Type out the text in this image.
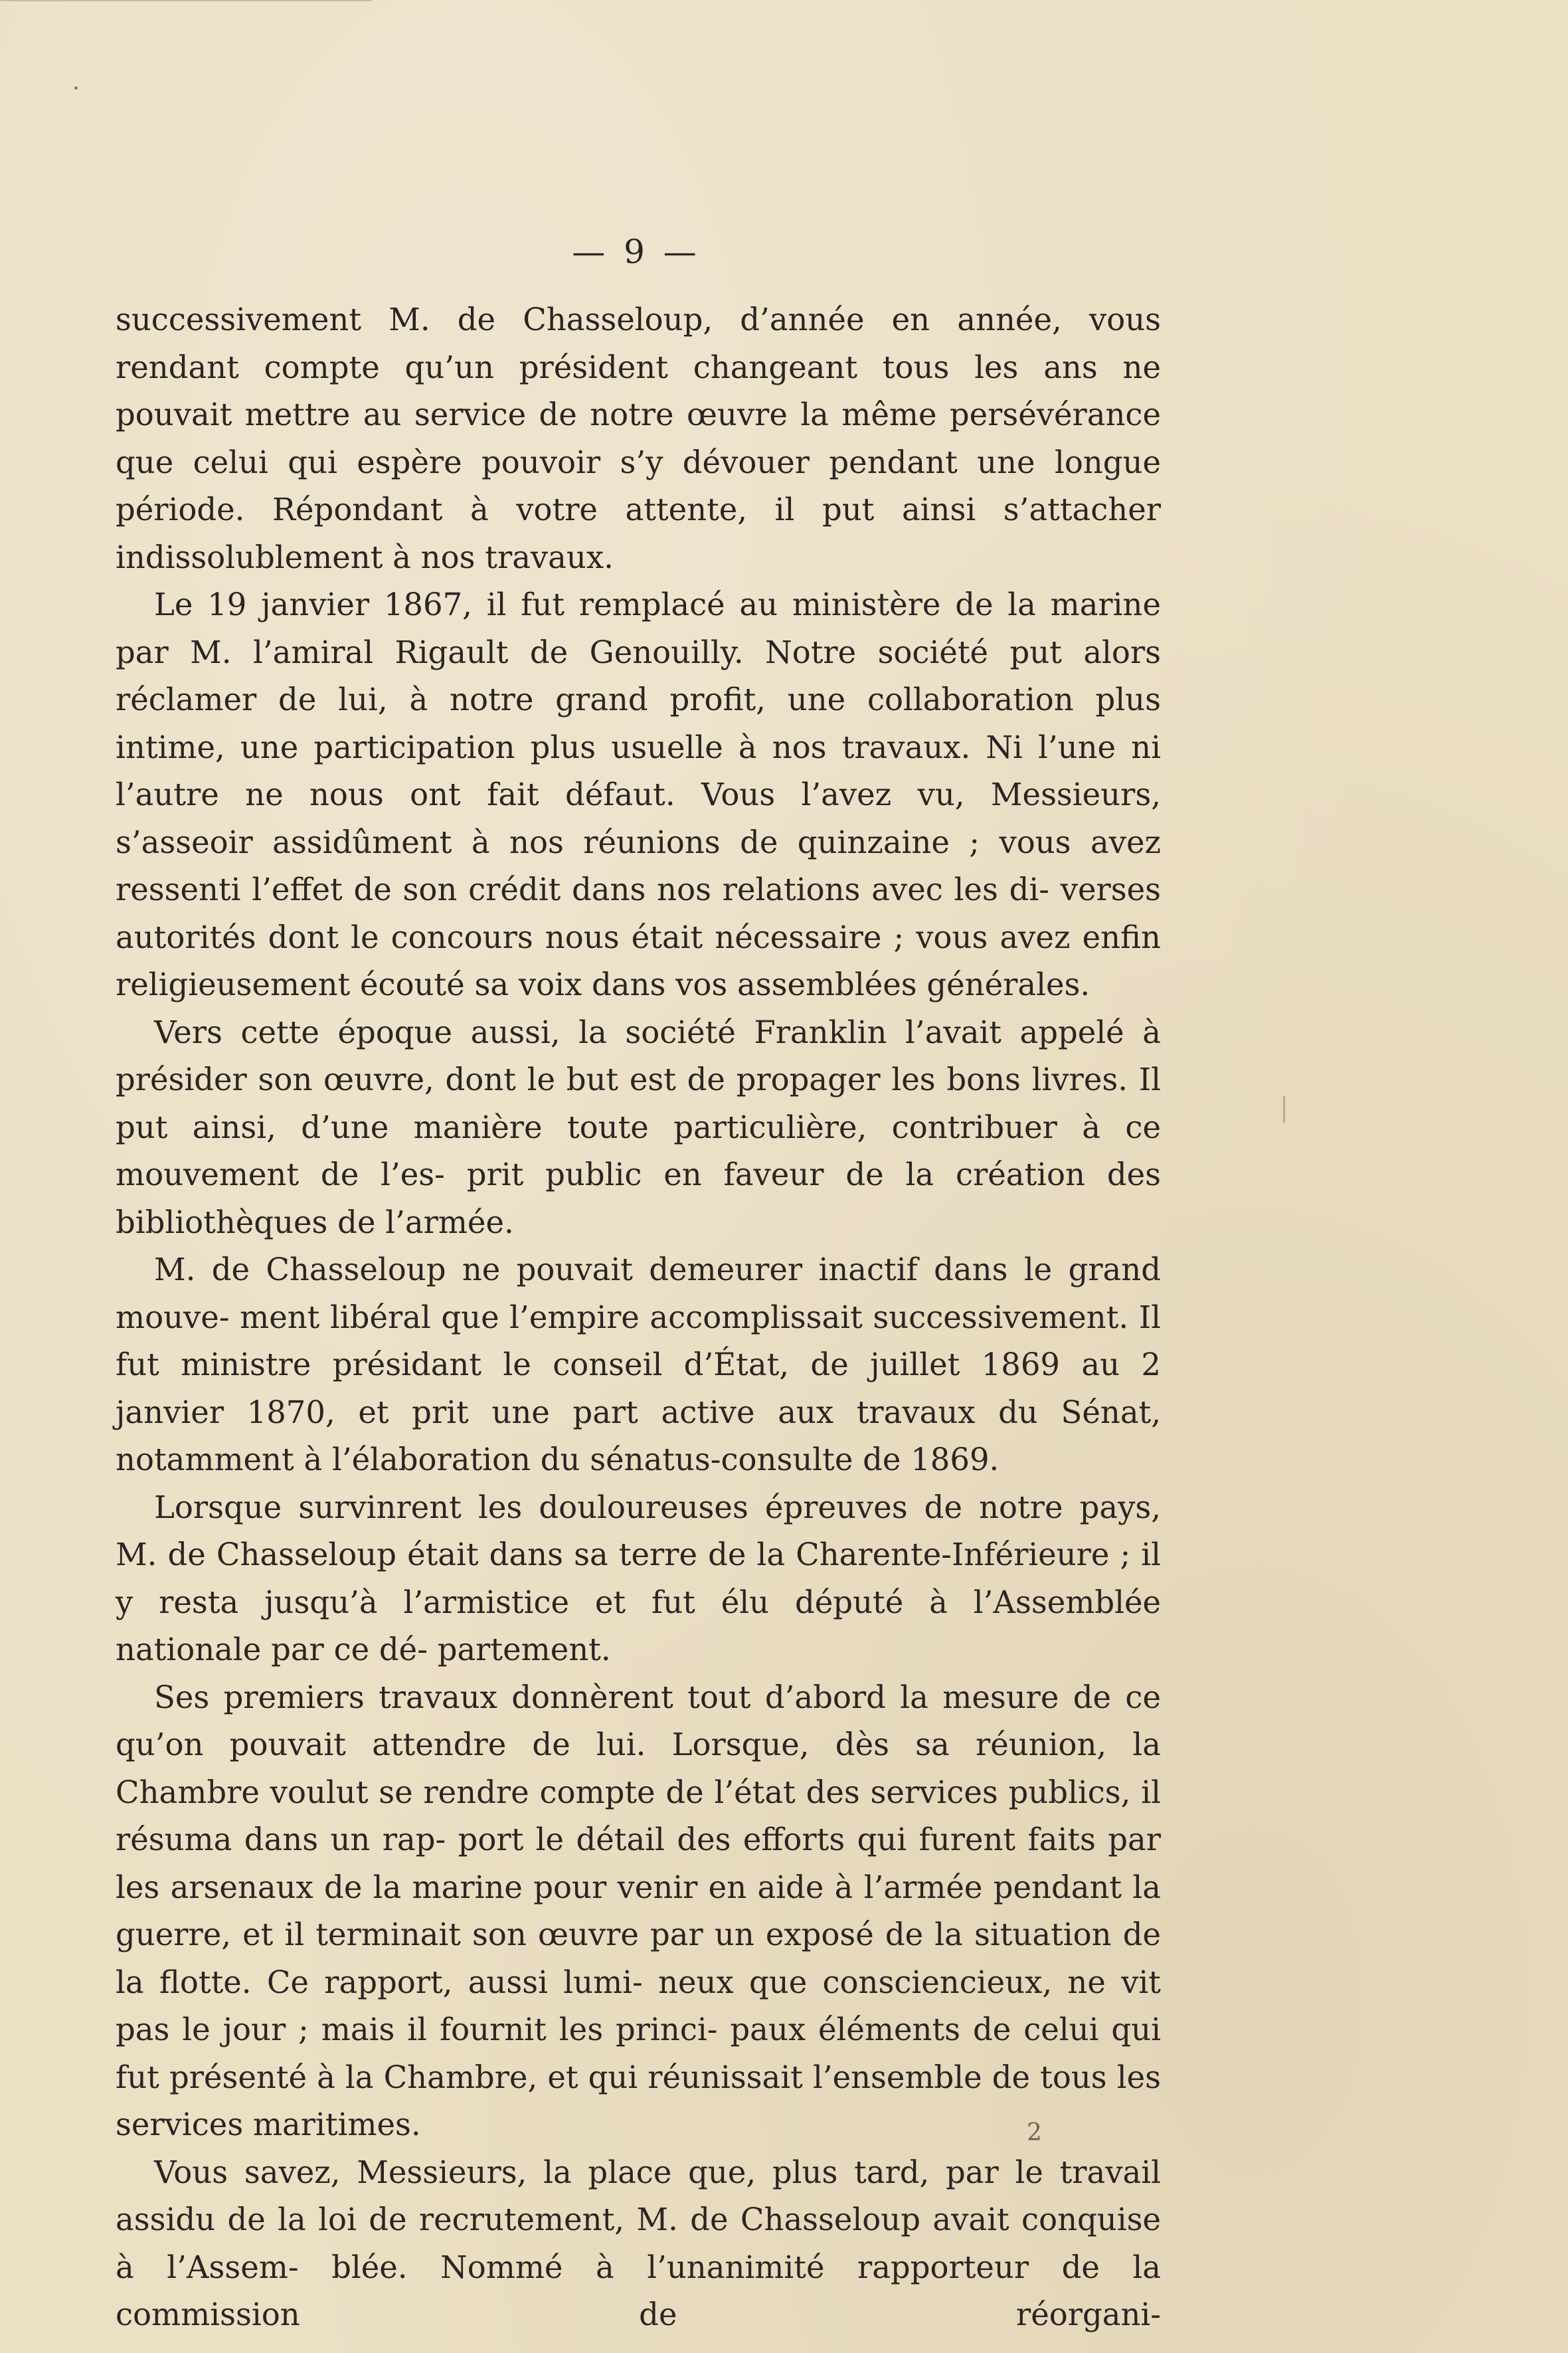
— 9 —

successivement M. de Chasseloup, d’année en année, vous rendant compte qu’un président changeant tous les ans ne pouvait mettre au service de notre œuvre la même persévérance que celui qui espère pouvoir s’y dévouer pendant une longue période. Répondant à votre attente, il put ainsi s’attacher indissolublement à nos travaux.

Le 19 janvier 1867, il fut remplacé au ministère de la marine par M. l’amiral Rigault de Genouilly. Notre société put alors réclamer de lui, à notre grand profit, une collaboration plus intime, une participation plus usuelle à nos travaux. Ni l’une ni l’autre ne nous ont fait défaut. Vous l’avez vu, Messieurs, s’asseoir assidûment à nos réunions de quinzaine ; vous avez ressenti l’effet de son crédit dans nos relations avec les di- verses autorités dont le concours nous était nécessaire ; vous avez enfin religieusement écouté sa voix dans vos assemblées générales.

Vers cette époque aussi, la société Franklin l’avait appelé à présider son œuvre, dont le but est de propager les bons livres. Il put ainsi, d’une manière toute particulière, contribuer à ce mouvement de l’es- prit public en faveur de la création des bibliothèques de l’armée.

M. de Chasseloup ne pouvait demeurer inactif dans le grand mouve- ment libéral que l’empire accomplissait successivement. Il fut ministre présidant le conseil d’État, de juillet 1869 au 2 janvier 1870, et prit une part active aux travaux du Sénat, notamment à l’élaboration du sénatus-consulte de 1869.

Lorsque survinrent les douloureuses épreuves de notre pays, M. de Chasseloup était dans sa terre de la Charente-Inférieure ; il y resta jusqu’à l’armistice et fut élu député à l’Assemblée nationale par ce dé- partement.

Ses premiers travaux donnèrent tout d’abord la mesure de ce qu’on pouvait attendre de lui. Lorsque, dès sa réunion, la Chambre voulut se rendre compte de l’état des services publics, il résuma dans un rap- port le détail des efforts qui furent faits par les arsenaux de la marine pour venir en aide à l’armée pendant la guerre, et il terminait son œuvre par un exposé de la situation de la flotte. Ce rapport, aussi lumi- neux que consciencieux, ne vit pas le jour ; mais il fournit les princi- paux éléments de celui qui fut présenté à la Chambre, et qui réunissait l’ensemble de tous les services maritimes.

Vous savez, Messieurs, la place que, plus tard, par le travail assidu de la loi de recrutement, M. de Chasseloup avait conquise à l’Assem- blée. Nommé à l’unanimité rapporteur de la commission de réorgani-

2
